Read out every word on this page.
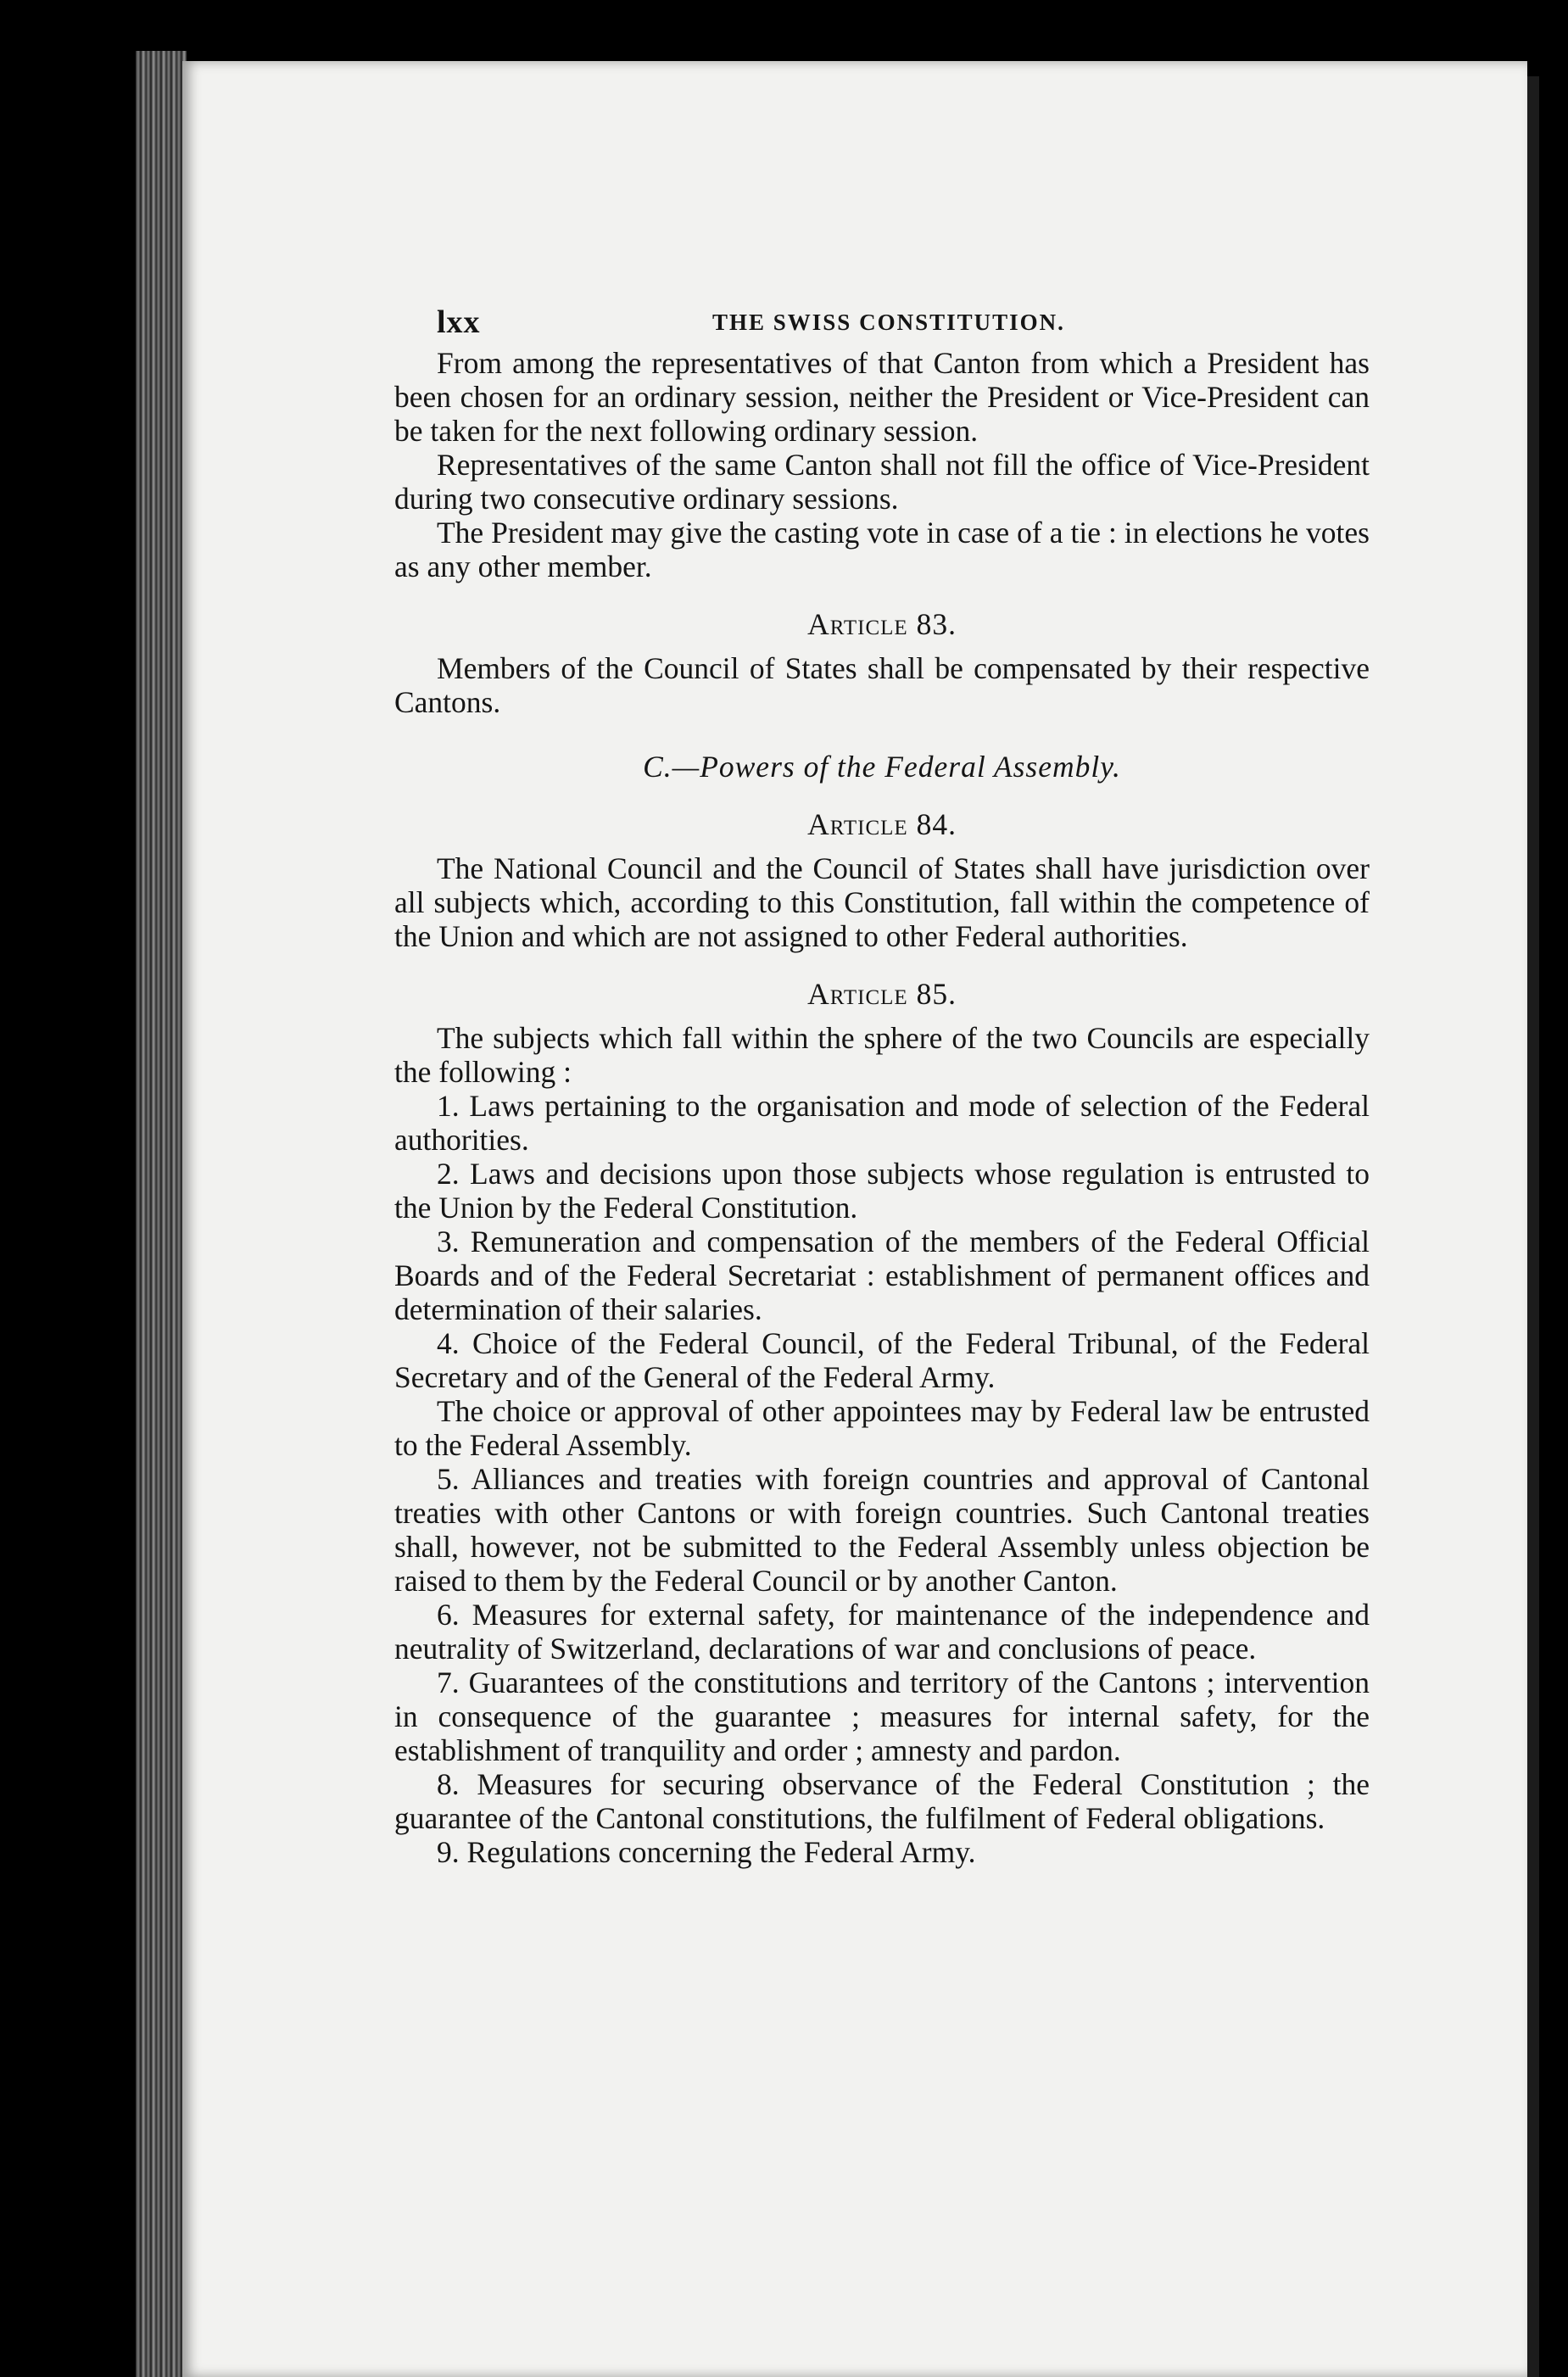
lxx	THE SWISS CONSTITUTION.

From among the representatives of that Canton from which a President has been chosen for an ordinary session, neither the President or Vice-President can be taken for the next following ordinary session.

Representatives of the same Canton shall not fill the office of Vice-President during two consecutive ordinary sessions.

The President may give the casting vote in case of a tie : in elections he votes as any other member.

Article 83.

Members of the Council of States shall be compensated by their respective Cantons.

C.—Powers of the Federal Assembly.
Article 84.

The National Council and the Council of States shall have jurisdiction over all subjects which, according to this Constitution, fall within the competence of the Union and which are not assigned to other Federal authorities.

Article 85.

The subjects which fall within the sphere of the two Councils are especially the following :

1. Laws pertaining to the organisation and mode of selection of the Federal authorities.

2. Laws and decisions upon those subjects whose regulation is entrusted to the Union by the Federal Constitution.

3. Remuneration and compensation of the members of the Federal Official Boards and of the Federal Secretariat : establishment of permanent offices and determination of their salaries.

4. Choice of the Federal Council, of the Federal Tribunal, of the Federal Secretary and of the General of the Federal Army.

The choice or approval of other appointees may by Federal law be entrusted to the Federal Assembly.

5. Alliances and treaties with foreign countries and approval of Cantonal treaties with other Cantons or with foreign countries. Such Cantonal treaties shall, however, not be submitted to the Federal Assembly unless objection be raised to them by the Federal Council or by another Canton.

6. Measures for external safety, for maintenance of the independence and neutrality of Switzerland, declarations of war and conclusions of peace.

7. Guarantees of the constitutions and territory of the Cantons ; intervention in consequence of the guarantee ; measures for internal safety, for the establishment of tranquility and order ; amnesty and pardon.

8. Measures for securing observance of the Federal Constitution ; the guarantee of the Cantonal constitutions, the fulfilment of Federal obligations.

9. Regulations concerning the Federal Army.
